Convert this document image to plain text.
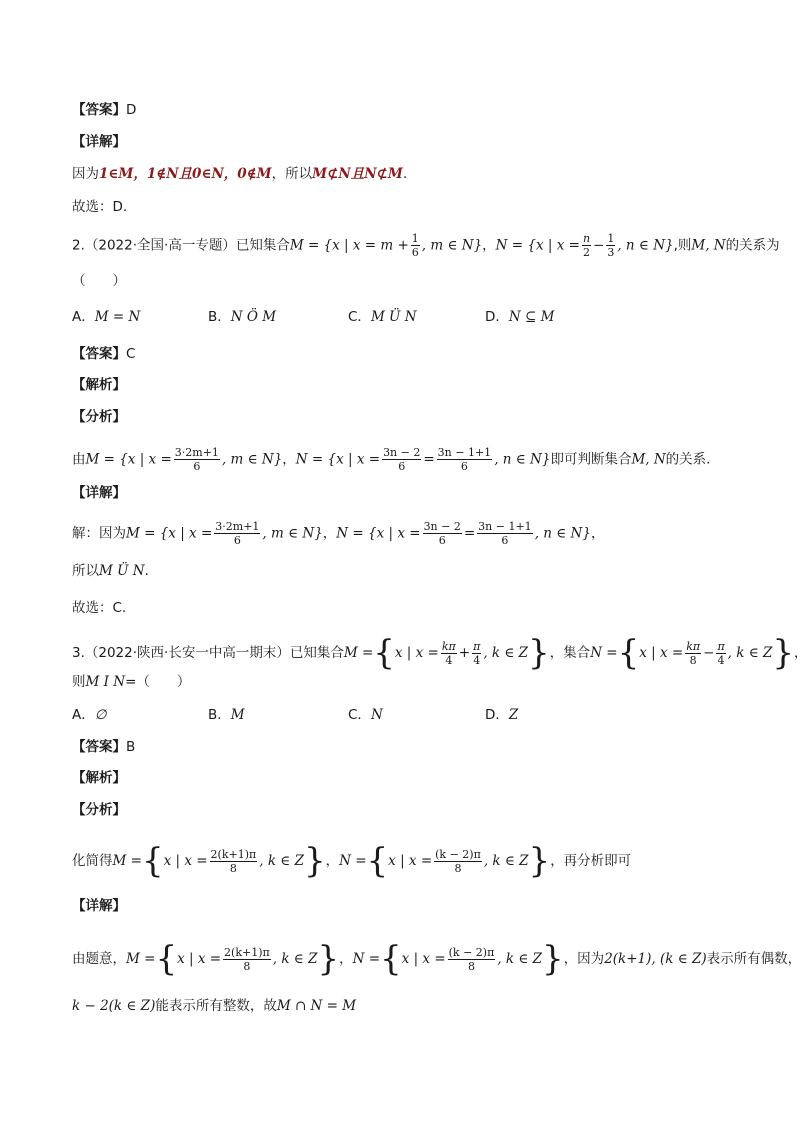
【答案】D
【详解】
因为1∈M，1∉N且0∈N，0∉M，所以M⊄N且N⊄M.
故选：D.
2.（2022·全国·高一专题）已知集合M = {x | $x = m + \frac{1}{6}$ , m ∈ N}，N = {x | $x = \frac{n}{2} - \frac{1}{3}$ , n ∈ N},则M, N的关系为
（　　）
A．M = N	B．N Ö M	C．M Ü N	D．N ⊆ M
【答案】C
【解析】
【分析】
由M = {x | $x = \frac{3\cdot 2m+1}{6}$ , m ∈ N}，N = {x | $x = \frac{3n - 2}{6} = \frac{3n - 1+1}{6}$ , n ∈ N}即可判断集合M, N的关系.
【详解】
解：因为M = {x | $x = \frac{3\cdot 2m+1}{6}$ , m ∈ N}，N = {x | $x = \frac{3n - 2}{6} = \frac{3n - 1+1}{6}$ , n ∈ N}，
所以M Ü N.
故选：C.
3.（2022·陕西·长安一中高一期末）已知集合M ={x | $x = \frac{k\pi}{4} + \frac{\pi}{4}$ , k ∈ Z}，集合N ={x | $x = \frac{k\pi}{8} - \frac{\pi}{4}$ , k ∈ Z}，
则M I N=（　　）
A．∅	B．M	C．N	D．Z
【答案】B
【解析】
【分析】
化简得M ={x | $x = \frac{2(k+1)\pi}{8}$ , k ∈ Z}，N ={x | $x = \frac{(k - 2)\pi}{8}$ , k ∈ Z}，再分析即可
【详解】
由题意，M ={x | $x = \frac{2(k+1)\pi}{8}$ , k ∈ Z}，N ={x | $x = \frac{(k - 2)\pi}{8}$ , k ∈ Z}，因为2(k+1), (k ∈ Z)表示所有偶数，
k − 2(k ∈ Z)能表示所有整数，故M ∩ N = M
